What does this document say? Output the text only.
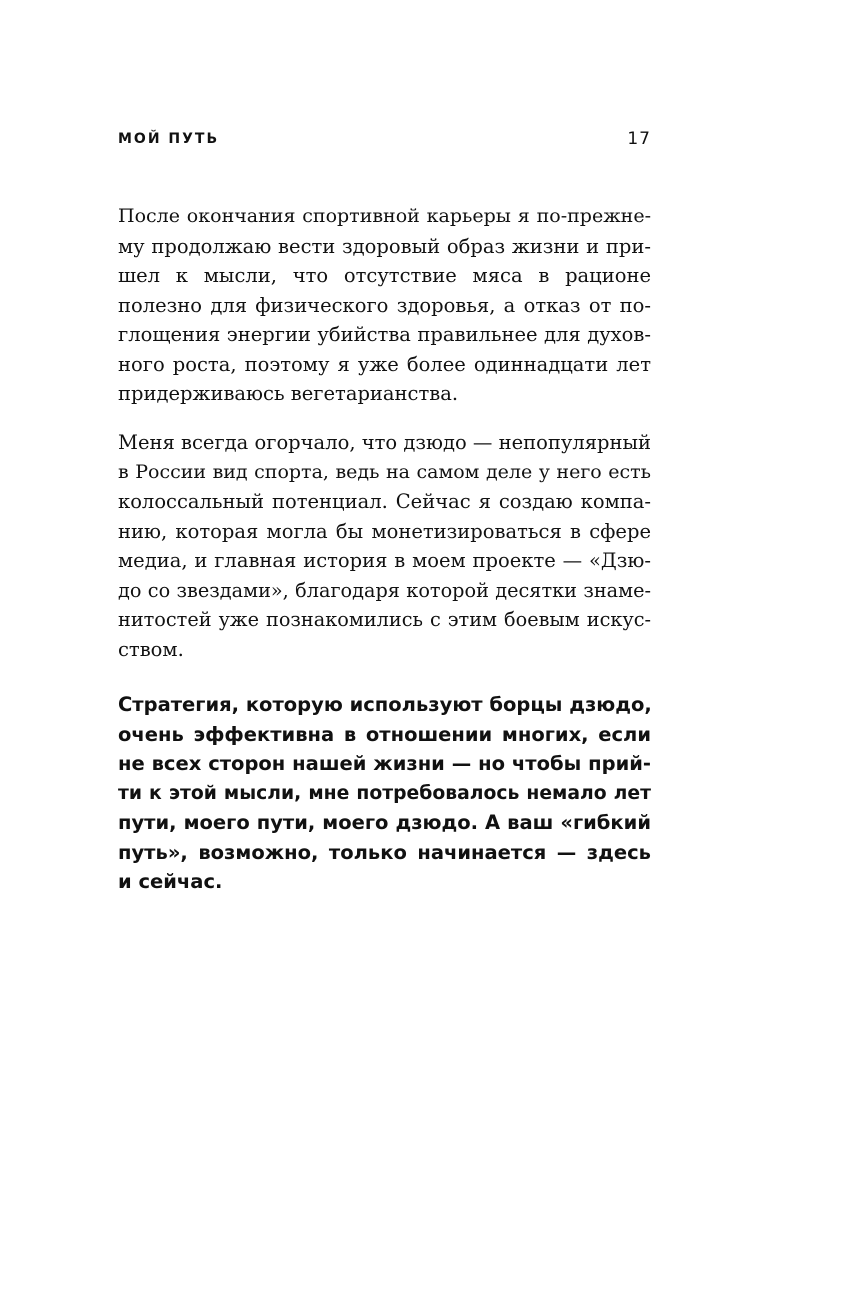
МОЙ ПУТЬ	17

После окончания спортивной карьеры я по-прежне-
му продолжаю вести здоровый образ жизни и при-
шел к мысли, что отсутствие мяса в рационе
полезно для физического здоровья, а отказ от по-
глощения энергии убийства правильнее для духов-
ного роста, поэтому я уже более одиннадцати лет
придерживаюсь вегетарианства.

Меня всегда огорчало, что дзюдо — непопулярный
в России вид спорта, ведь на самом деле у него есть
колоссальный потенциал. Сейчас я создаю компа-
нию, которая могла бы монетизироваться в сфере
медиа, и главная история в моем проекте — «Дзю-
до со звездами», благодаря которой десятки знаме-
нитостей уже познакомились с этим боевым искус-
ством.

Стратегия, которую используют борцы дзюдо,
очень эффективна в отношении многих, если
не всех сторон нашей жизни — но чтобы прий-
ти к этой мысли, мне потребовалось немало лет
пути, моего пути, моего дзюдо. А ваш «гибкий
путь», возможно, только начинается — здесь
и сейчас.
